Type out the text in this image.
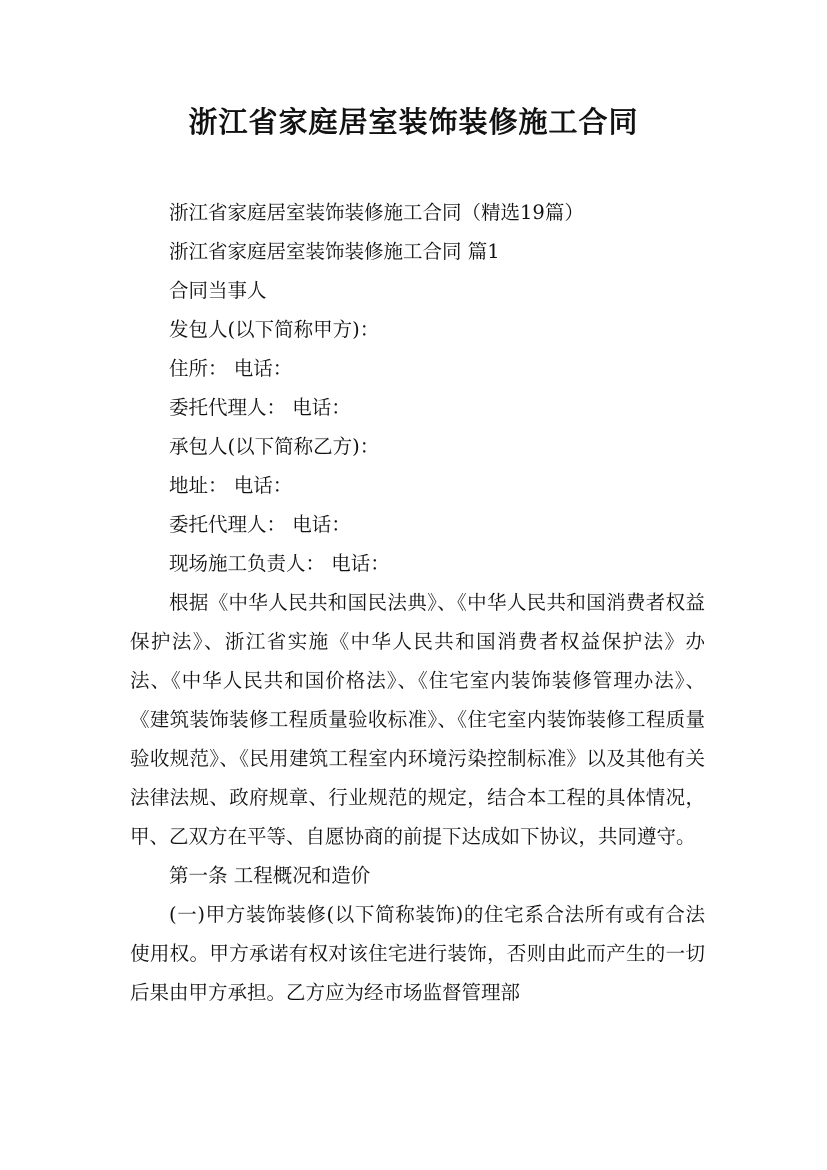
浙江省家庭居室装饰装修施工合同

浙江省家庭居室装饰装修施工合同（精选19篇）

浙江省家庭居室装饰装修施工合同 篇1

合同当事人

发包人(以下简称甲方)：

住所： 电话：

委托代理人： 电话：

承包人(以下简称乙方)：

地址： 电话：

委托代理人： 电话：

现场施工负责人： 电话：

根据《中华人民共和国民法典》、《中华人民共和国消费者权益保护法》、浙江省实施《中华人民共和国消费者权益保护法》办法、《中华人民共和国价格法》、《住宅室内装饰装修管理办法》、《建筑装饰装修工程质量验收标准》、《住宅室内装饰装修工程质量验收规范》、《民用建筑工程室内环境污染控制标准》以及其他有关法律法规、政府规章、行业规范的规定，结合本工程的具体情况，甲、乙双方在平等、自愿协商的前提下达成如下协议，共同遵守。

第一条 工程概况和造价

(一)甲方装饰装修(以下简称装饰)的住宅系合法所有或有合法使用权。甲方承诺有权对该住宅进行装饰，否则由此而产生的一切后果由甲方承担。乙方应为经市场监督管理部
